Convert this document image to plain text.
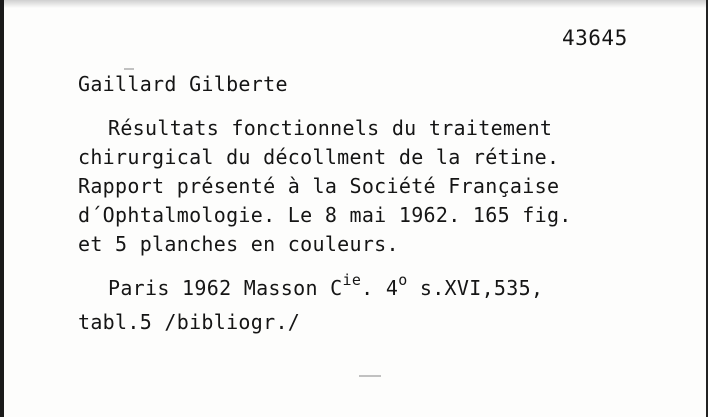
43645
Gaillard Gilberte
Résultats fonctionnels du traitement
chirurgical du décollment de la rétine.
Rapport présenté à la Société Française
d´Ophtalmologie. Le 8 mai 1962. 165 fig.
et 5 planches en couleurs.
Paris 1962 Masson $C^{ie}$. 4$^o$ s.XVI,535,
tabl.5 /bibliogr./
